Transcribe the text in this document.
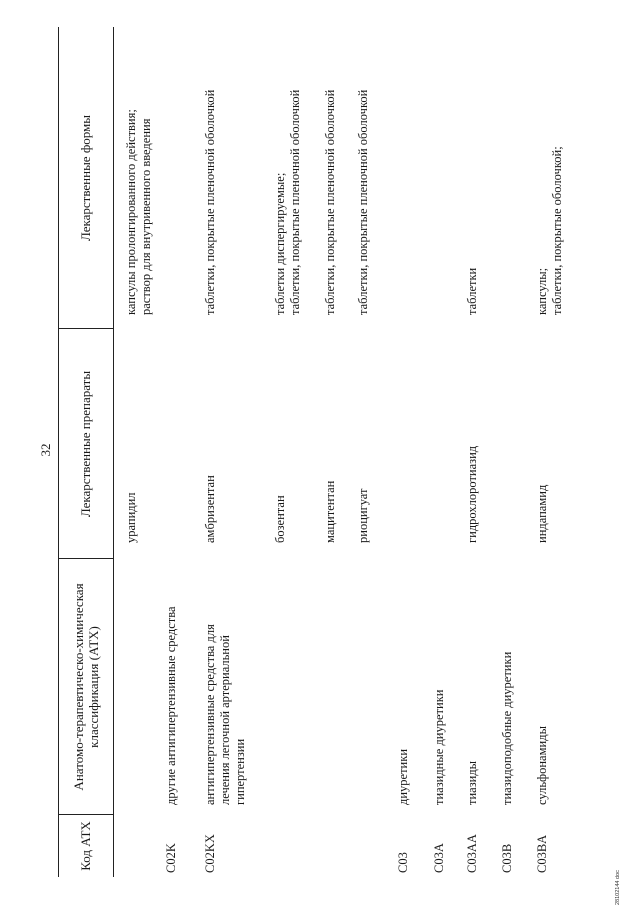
32
Код АТХ
Анатомо-терапевтическо-химическая классификация (АТХ)
Лекарственные препараты
Лекарственные формы
урапидил
капсулы пролонгированного действия;
раствор для внутривенного введения
C02K
другие антигипертензивные средства
C02KX
антигипертензивные средства для лечения легочной артериальной гипертензии
амбризентан
таблетки, покрытые пленочной оболочкой
бозентан
таблетки диспергируемые;
таблетки, покрытые пленочной оболочкой
мацитентан
таблетки, покрытые пленочной оболочкой
риоцигуат
таблетки, покрытые пленочной оболочкой
C03
диуретики
C03A
тиазидные диуретики
C03AA
тиазиды
гидрохлоротиазид
таблетки
C03B
тиазидоподобные диуретики
C03BA
сульфонамиды
индапамид
капсулы;
таблетки, покрытые оболочкой;
28102144 doc
